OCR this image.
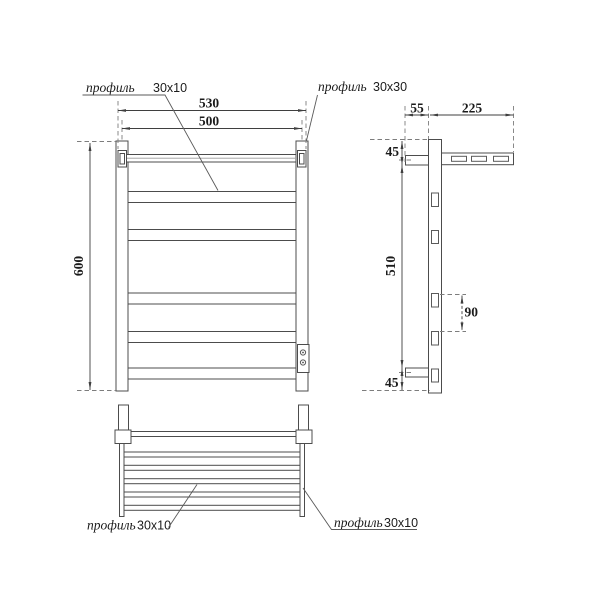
530
500
600
профиль 30x10	профиль 30x30
55	225
45
510
45
90
профиль30x10	профиль30x10
